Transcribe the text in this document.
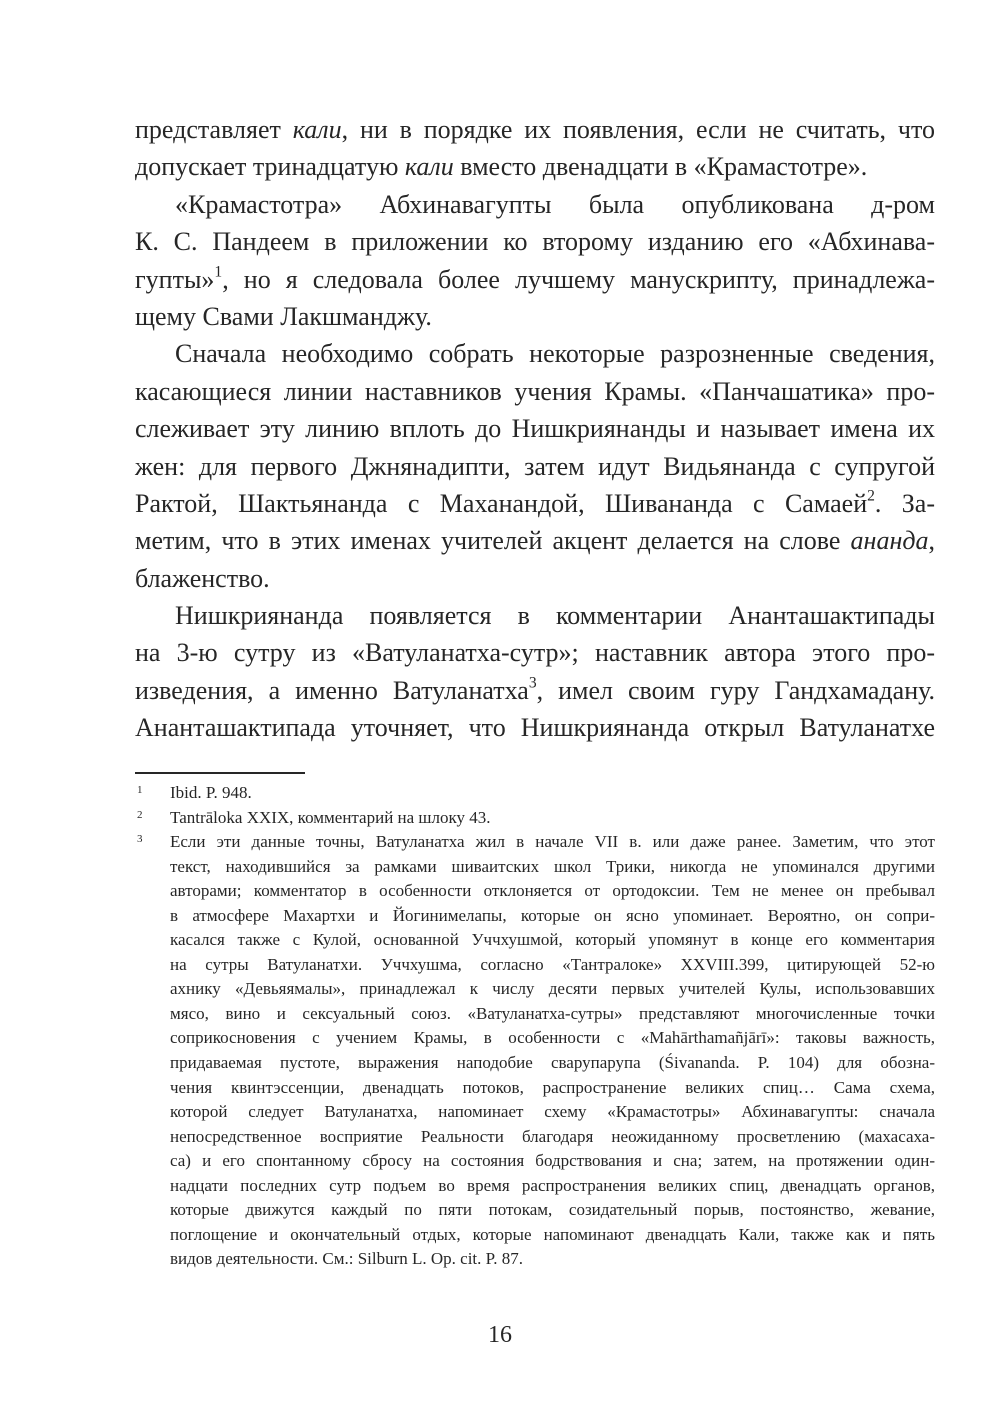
представляет кали, ни в порядке их появления, если не считать, что
допускает тринадцатую кали вместо двенадцати в «Крамастотре».
«Крамастотра» Абхинавагупты была опубликована д-ром
К. С. Пандеем в приложении ко второму изданию его «Абхинава-
гупты»$^1$, но я следовала более лучшему манускрипту, принадлежа-
щему Свами Лакшманджу.
Сначала необходимо собрать некоторые разрозненные сведения,
касающиеся линии наставников учения Крамы. «Панчашатика» про-
слеживает эту линию вплоть до Нишкриянанды и называет имена их
жен: для первого Джнянадипти, затем идут Видьянанда с супругой
Рактой, Шактьянанда с Маханандой, Шивананда с Самаей$^2$. За-
метим, что в этих именах учителей акцент делается на слове ананда,
блаженство.
Нишкриянанда появляется в комментарии Ананташактипады
на 3-ю сутру из «Ватуланатха-сутр»; наставник автора этого про-
изведения, а именно Ватуланатха$^3$, имел своим гуру Гандхамадану.
Ананташактипада уточняет, что Нишкриянанда открыл Ватуланатхе
1 Ibid. P. 948.
2 Tantrāloka XXIX, комментарий на шлоку 43.
3 Если эти данные точны, Ватуланатха жил в начале VII в. или даже ранее. Заметим, что этот
текст, находившийся за рамками шиваитских школ Трики, никогда не упоминался другими
авторами; комментатор в особенности отклоняется от ортодоксии. Тем не менее он пребывал
в атмосфере Махартхи и Йогинимелапы, которые он ясно упоминает. Вероятно, он сопри-
касался также с Кулой, основанной Уччхушмой, который упомянут в конце его комментария
на сутры Ватуланатхи. Уччхушма, согласно «Тантралоке» XXVIII.399, цитирующей 52-ю
ахнику «Девьяямалы», принадлежал к числу десяти первых учителей Кулы, использовавших
мясо, вино и сексуальный союз. «Ватуланатха-сутры» представляют многочисленные точки
соприкосновения с учением Крамы, в особенности с «Mahārthamañjārī»: таковы важность,
придаваемая пустоте, выражения наподобие сварупарупа (Śivananda. P. 104) для обозна-
чения квинтэссенции, двенадцать потоков, распространение великих спиц… Сама схема,
которой следует Ватуланатха, напоминает схему «Крамастотры» Абхинавагупты: сначала
непосредственное восприятие Реальности благодаря неожиданному просветлению (махасаха-
са) и его спонтанному сбросу на состояния бодрствования и сна; затем, на протяжении один-
надцати последних сутр подъем во время распространения великих спиц, двенадцать органов,
которые движутся каждый по пяти потокам, созидательный порыв, постоянство, жевание,
поглощение и окончательный отдых, которые напоминают двенадцать Кали, также как и пять
видов деятельности. См.: Silburn L. Op. cit. P. 87.
16
